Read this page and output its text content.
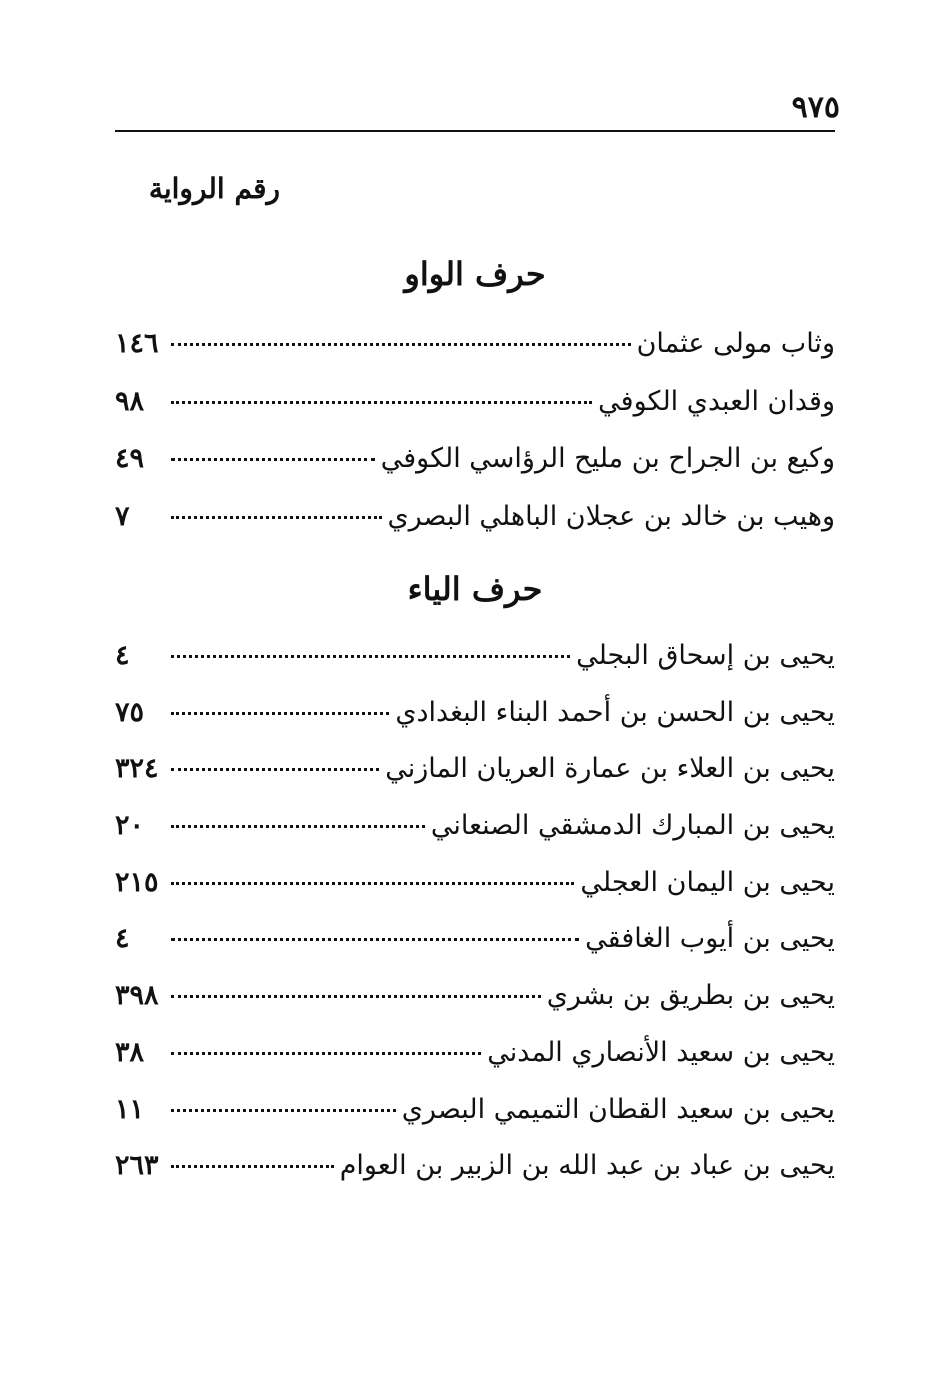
٩٧٥
رقم الرواية
حرف الواو
وثاب مولى عثمان
١٤٦
وقدان العبدي الكوفي
٩٨
وكيع بن الجراح بن مليح الرؤاسي الكوفي
٤٩
وهيب بن خالد بن عجلان الباهلي البصري
٧
حرف الياء
يحيى بن إسحاق البجلي
٤
يحيى بن الحسن بن أحمد البناء البغدادي
٧٥
يحيى بن العلاء بن عمارة العريان المازني
٣٢٤
يحيى بن المبارك الدمشقي الصنعاني
٢٠
يحيى بن اليمان العجلي
٢١٥
يحيى بن أيوب الغافقي
٤
يحيى بن بطريق بن بشري
٣٩٨
يحيى بن سعيد الأنصاري المدني
٣٨
يحيى بن سعيد القطان التميمي البصري
١١
يحيى بن عباد بن عبد الله بن الزبير بن العوام
٢٦٣
